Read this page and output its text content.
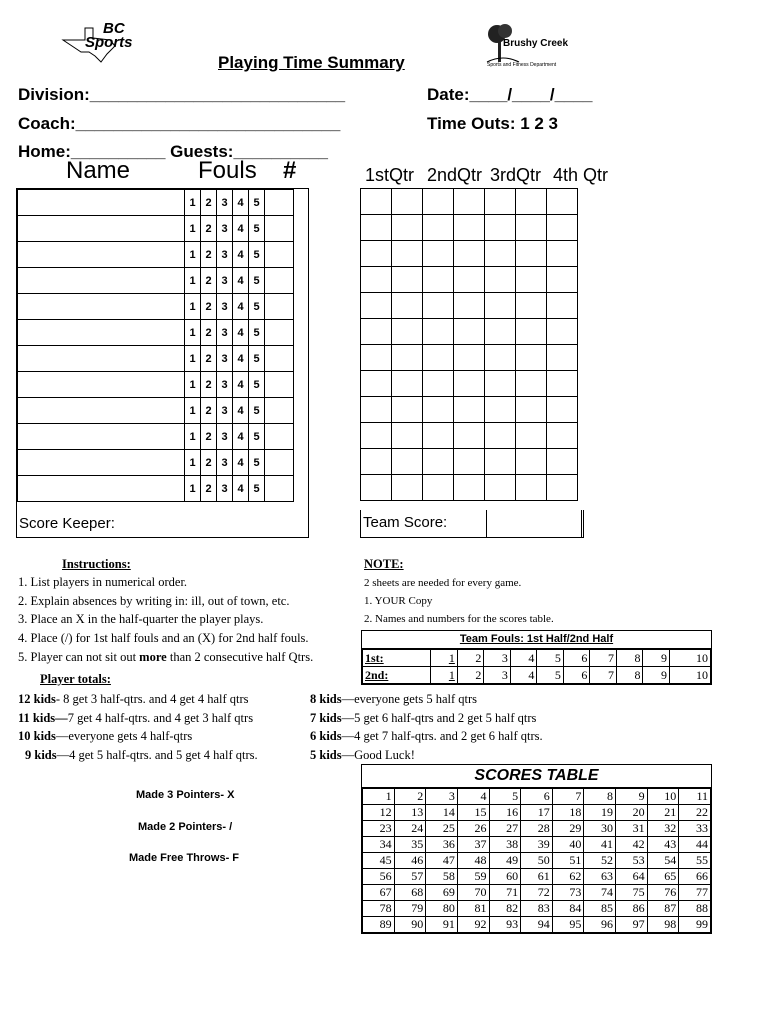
BC
Sports	Brushy Creek
Sports and Fitness Department
Playing Time Summary
Division:___________________________	Date:____/____/____
Coach:____________________________	Time Outs: 1 2 3
Home:__________ Guests:__________
Name	Fouls #	1stQtr 2ndQtr 3rdQtr 4th Qtr
	1	2	3	4	5	
	1	2	3	4	5	
	1	2	3	4	5	
	1	2	3	4	5	
	1	2	3	4	5	
	1	2	3	4	5	
	1	2	3	4	5	
	1	2	3	4	5	
	1	2	3	4	5	
	1	2	3	4	5	
	1	2	3	4	5	
	1	2	3	4	5	
Score Keeper:

							Team Score:
Instructions:
1. List players in numerical order.
2. Explain absences by writing in: ill, out of town, etc.
3. Place an X in the half-quarter the player plays.
4. Place (/) for 1st half fouls and an (X) for 2nd half fouls.
5. Player can not sit out more than 2 consecutive half Qtrs.
NOTE:
2 sheets are needed for every game.
1. YOUR Copy
2. Names and numbers for the scores table.
Team Fouls: 1st Half/2nd Half
1st:	1	2	3	4	5	6	7	8	9	10
2nd:	1	2	3	4	5	6	7	8	9	10
Player totals:
12 kids- 8 get 3 half-qtrs. and 4 get 4 half qtrs
11 kids—7 get 4 half-qtrs. and 4 get 3 half qtrs
10 kids—everyone gets 4 half-qtrs
9 kids—4 get 5 half-qtrs. and 5 get 4 half qtrs.
8 kids—everyone gets 5 half qtrs
7 kids—5 get 6 half-qtrs and 2 get 5 half qtrs
6 kids—4 get 7 half-qtrs. and 2 get 6 half qtrs.
5 kids—Good Luck!
Made 3 Pointers- X
Made 2 Pointers- /
Made Free Throws- F
SCORES TABLE
1	2	3	4	5	6	7	8	9	10	11
12	13	14	15	16	17	18	19	20	21	22
23	24	25	26	27	28	29	30	31	32	33
34	35	36	37	38	39	40	41	42	43	44
45	46	47	48	49	50	51	52	53	54	55
56	57	58	59	60	61	62	63	64	65	66
67	68	69	70	71	72	73	74	75	76	77
78	79	80	81	82	83	84	85	86	87	88
89	90	91	92	93	94	95	96	97	98	99
